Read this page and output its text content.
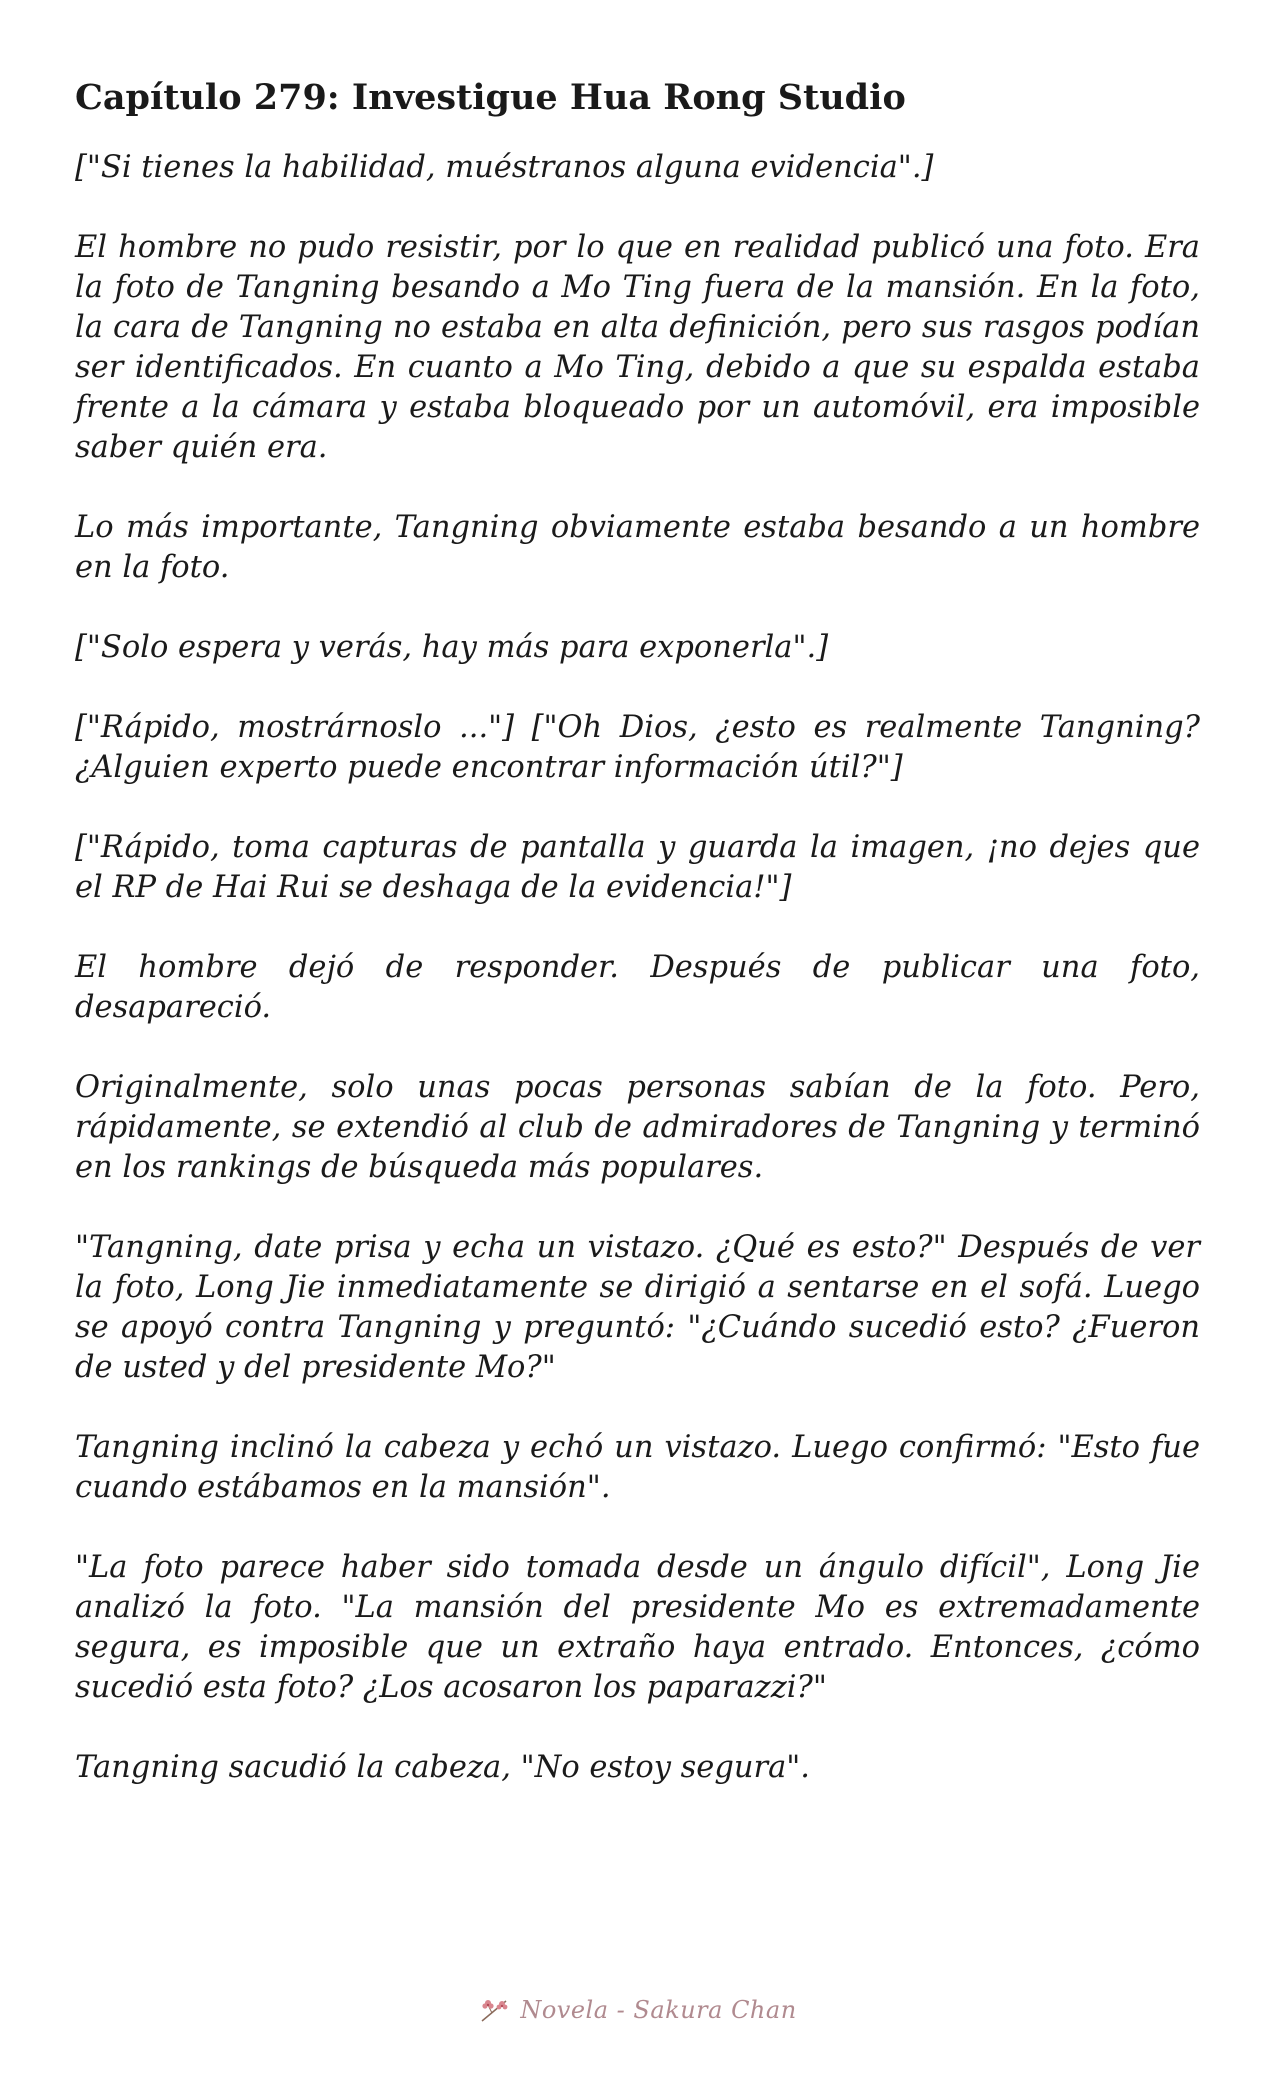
Capítulo 279: Investigue Hua Rong Studio

["Si tienes la habilidad, muéstranos alguna evidencia".]

El hombre no pudo resistir, por lo que en realidad publicó una foto. Era la foto de Tangning besando a Mo Ting fuera de la mansión. En la foto, la cara de Tangning no estaba en alta definición, pero sus rasgos podían ser identificados. En cuanto a Mo Ting, debido a que su espalda estaba frente a la cámara y estaba bloqueado por un automóvil, era imposible saber quién era.

Lo más importante, Tangning obviamente estaba besando a un hombre en la foto.

["Solo espera y verás, hay más para exponerla".]

["Rápido, mostrárnoslo ..."] ["Oh Dios, ¿esto es realmente Tangning? ¿Alguien experto puede encontrar información útil?"]

["Rápido, toma capturas de pantalla y guarda la imagen, ¡no dejes que el RP de Hai Rui se deshaga de la evidencia!"]

El hombre dejó de responder. Después de publicar una foto, desapareció.

Originalmente, solo unas pocas personas sabían de la foto. Pero, rápidamente, se extendió al club de admiradores de Tangning y terminó en los rankings de búsqueda más populares.

"Tangning, date prisa y echa un vistazo. ¿Qué es esto?" Después de ver la foto, Long Jie inmediatamente se dirigió a sentarse en el sofá. Luego se apoyó contra Tangning y preguntó: "¿Cuándo sucedió esto? ¿Fueron de usted y del presidente Mo?"

Tangning inclinó la cabeza y echó un vistazo. Luego confirmó: "Esto fue cuando estábamos en la mansión".

"La foto parece haber sido tomada desde un ángulo difícil", Long Jie analizó la foto. "La mansión del presidente Mo es extremadamente segura, es imposible que un extraño haya entrado. Entonces, ¿cómo sucedió esta foto? ¿Los acosaron los paparazzi?"

Tangning sacudió la cabeza, "No estoy segura".

Novela - Sakura Chan
